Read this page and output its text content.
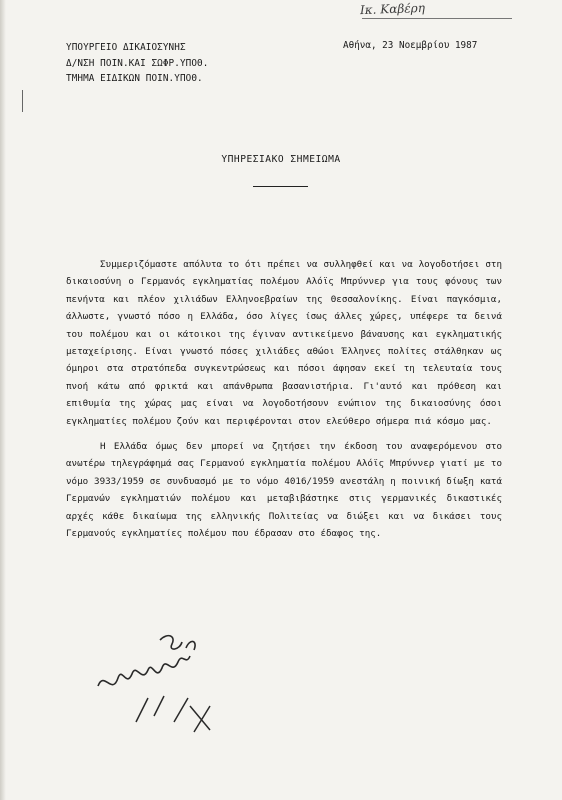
Ικ. Καβέρη
ΥΠΟΥΡΓΕΙΟ ΔΙΚΑΙΟΣΥΝΗΣ
Δ/ΝΣΗ ΠΟΙΝ.ΚΑΙ ΣΩΦΡ.ΥΠΟΘ.
ΤΜΗΜΑ ΕΙΔΙΚΩΝ ΠΟΙΝ.ΥΠΟΘ.
Αθήνα, 23 Νοεμβρίου 1987
ΥΠΗΡΕΣΙΑΚΟ ΣΗΜΕΙΩΜΑ

Συμμεριζόμαστε απόλυτα το ότι πρέπει να συλληφθεί και να λογοδοτήσει στη δικαιοσύνη ο Γερμανός εγκληματίας πολέμου Αλόϊς Μπρύννερ για τους φόνους των πενήντα και πλέον χιλιάδων Ελληνοεβραίων της Θεσσαλονίκης. Είναι παγκόσμια, άλλωστε, γνωστό πόσο η Ελλάδα, όσο λίγες ίσως άλλες χώρες, υπέφερε τα δεινά του πολέμου και οι κάτοικοι της έγιναν αντικείμενο βάναυσης και εγκληματικής μεταχείρισης. Είναι γνωστό πόσες χιλιάδες αθώοι Έλληνες πολίτες στάλθηκαν ως όμηροι στα στρατόπεδα συγκεντρώσεως και πόσοι άφησαν εκεί τη τελευταία τους πνοή κάτω από φρικτά και απάνθρωπα βασανιστήρια. Γι'αυτό και πρόθεση και επιθυμία της χώρας μας είναι να λογοδοτήσουν ενώπιον της δικαιοσύνης όσοι εγκληματίες πολέμου ζούν και περιφέρονται στον ελεύθερο σήμερα πιά κόσμο μας.

Η Ελλάδα όμως δεν μπορεί να ζητήσει την έκδοση του αναφερόμενου στο ανωτέρω τηλεγράφημά σας Γερμανού εγκληματία πολέμου Αλόϊς Μπρύννερ γιατί με το νόμο 3933/1959 σε συνδυασμό με το νόμο 4016/1959 ανεστάλη η ποινική δίωξη κατά Γερμανών εγκληματιών πολέμου και μεταβιβάστηκε στις γερμανικές δικαστικές αρχές κάθε δικαίωμα της ελληνικής Πολιτείας να διώξει και να δικάσει τους Γερμανούς εγκληματίες πολέμου που έδρασαν στο έδαφος της.
